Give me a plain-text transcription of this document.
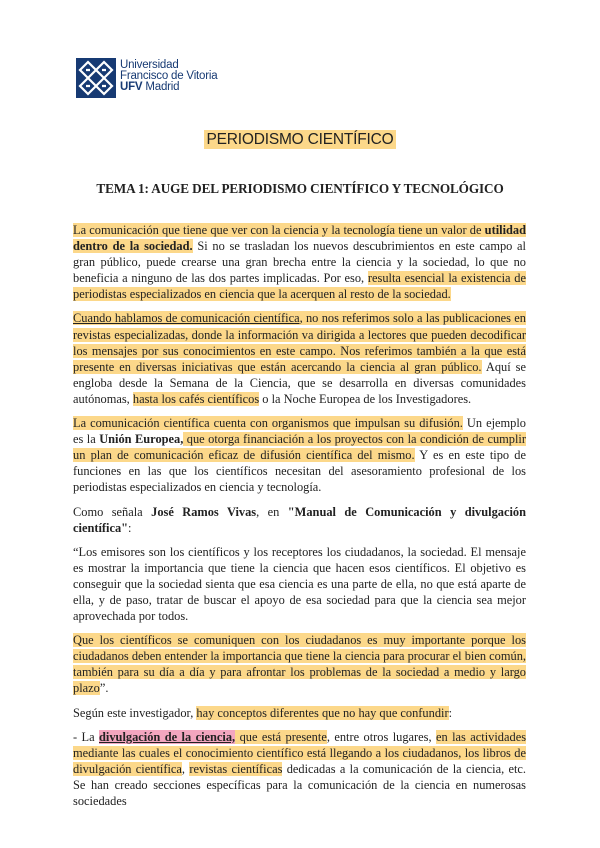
Universidad
Francisco de Vitoria
UFV Madrid
PERIODISMO CIENTÍFICO
TEMA 1: AUGE DEL PERIODISMO CIENTÍFICO Y TECNOLÓGICO

La comunicación que tiene que ver con la ciencia y la tecnología tiene un valor de utilidad dentro de la sociedad. Si no se trasladan los nuevos descubrimientos en este campo al gran público, puede crearse una gran brecha entre la ciencia y la sociedad, lo que no beneficia a ninguno de las dos partes implicadas. Por eso, resulta esencial la existencia de periodistas especializados en ciencia que la acerquen al resto de la sociedad.

Cuando hablamos de comunicación científica, no nos referimos solo a las publicaciones en revistas especializadas, donde la información va dirigida a lectores que pueden decodificar los mensajes por sus conocimientos en este campo. Nos referimos también a la que está presente en diversas iniciativas que están acercando la ciencia al gran público. Aquí se engloba desde la Semana de la Ciencia, que se desarrolla en diversas comunidades autónomas, hasta los cafés científicos o la Noche Europea de los Investigadores.

La comunicación científica cuenta con organismos que impulsan su difusión. Un ejemplo es la Unión Europea, que otorga financiación a los proyectos con la condición de cumplir un plan de comunicación eficaz de difusión científica del mismo. Y es en este tipo de funciones en las que los científicos necesitan del asesoramiento profesional de los periodistas especializados en ciencia y tecnología.

Como señala José Ramos Vivas, en "Manual de Comunicación y divulgación científica":

“Los emisores son los científicos y los receptores los ciudadanos, la sociedad. El mensaje es mostrar la importancia que tiene la ciencia que hacen esos científicos. El objetivo es conseguir que la sociedad sienta que esa ciencia es una parte de ella, no que está aparte de ella, y de paso, tratar de buscar el apoyo de esa sociedad para que la ciencia sea mejor aprovechada por todos.

Que los científicos se comuniquen con los ciudadanos es muy importante porque los ciudadanos deben entender la importancia que tiene la ciencia para procurar el bien común, también para su día a día y para afrontar los problemas de la sociedad a medio y largo plazo”.

Según este investigador, hay conceptos diferentes que no hay que confundir:

- La divulgación de la ciencia, que está presente, entre otros lugares, en las actividades mediante las cuales el conocimiento científico está llegando a los ciudadanos, los libros de divulgación científica, revistas científicas dedicadas a la comunicación de la ciencia, etc. Se han creado secciones específicas para la comunicación de la ciencia en numerosas sociedades
